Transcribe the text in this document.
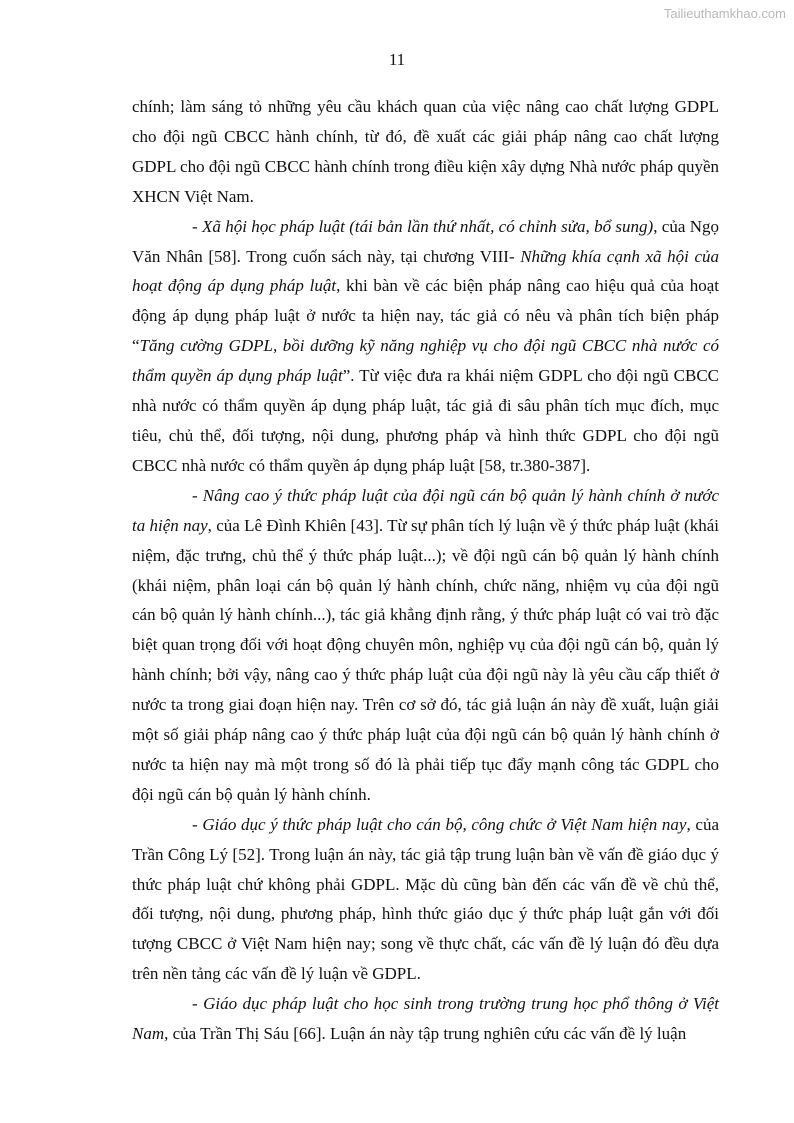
Tailieuthamkhao.com
11

chính; làm sáng tỏ những yêu cầu khách quan của việc nâng cao chất lượng GDPL cho đội ngũ CBCC hành chính, từ đó, đề xuất các giải pháp nâng cao chất lượng GDPL cho đội ngũ CBCC hành chính trong điều kiện xây dựng Nhà nước pháp quyền XHCN Việt Nam.

- Xã hội học pháp luật (tái bản lần thứ nhất, có chỉnh sửa, bổ sung), của Ngọ Văn Nhân [58]. Trong cuốn sách này, tại chương VIII- Những khía cạnh xã hội của hoạt động áp dụng pháp luật, khi bàn về các biện pháp nâng cao hiệu quả của hoạt động áp dụng pháp luật ở nước ta hiện nay, tác giả có nêu và phân tích biện pháp “Tăng cường GDPL, bồi dưỡng kỹ năng nghiệp vụ cho đội ngũ CBCC nhà nước có thẩm quyền áp dụng pháp luật”. Từ việc đưa ra khái niệm GDPL cho đội ngũ CBCC nhà nước có thẩm quyền áp dụng pháp luật, tác giả đi sâu phân tích mục đích, mục tiêu, chủ thể, đối tượng, nội dung, phương pháp và hình thức GDPL cho đội ngũ CBCC nhà nước có thẩm quyền áp dụng pháp luật [58, tr.380-387].

- Nâng cao ý thức pháp luật của đội ngũ cán bộ quản lý hành chính ở nước ta hiện nay, của Lê Đình Khiên [43]. Từ sự phân tích lý luận về ý thức pháp luật (khái niệm, đặc trưng, chủ thể ý thức pháp luật...); về đội ngũ cán bộ quản lý hành chính (khái niệm, phân loại cán bộ quản lý hành chính, chức năng, nhiệm vụ của đội ngũ cán bộ quản lý hành chính...), tác giả khẳng định rằng, ý thức pháp luật có vai trò đặc biệt quan trọng đối với hoạt động chuyên môn, nghiệp vụ của đội ngũ cán bộ, quản lý hành chính; bởi vậy, nâng cao ý thức pháp luật của đội ngũ này là yêu cầu cấp thiết ở nước ta trong giai đoạn hiện nay. Trên cơ sở đó, tác giả luận án này đề xuất, luận giải một số giải pháp nâng cao ý thức pháp luật của đội ngũ cán bộ quản lý hành chính ở nước ta hiện nay mà một trong số đó là phải tiếp tục đẩy mạnh công tác GDPL cho đội ngũ cán bộ quản lý hành chính.

- Giáo dục ý thức pháp luật cho cán bộ, công chức ở Việt Nam hiện nay, của Trần Công Lý [52]. Trong luận án này, tác giả tập trung luận bàn về vấn đề giáo dục ý thức pháp luật chứ không phải GDPL. Mặc dù cũng bàn đến các vấn đề về chủ thể, đối tượng, nội dung, phương pháp, hình thức giáo dục ý thức pháp luật gắn với đối tượng CBCC ở Việt Nam hiện nay; song về thực chất, các vấn đề lý luận đó đều dựa trên nền tảng các vấn đề lý luận về GDPL.

- Giáo dục pháp luật cho học sinh trong trường trung học phổ thông ở Việt Nam, của Trần Thị Sáu [66]. Luận án này tập trung nghiên cứu các vấn đề lý luận
